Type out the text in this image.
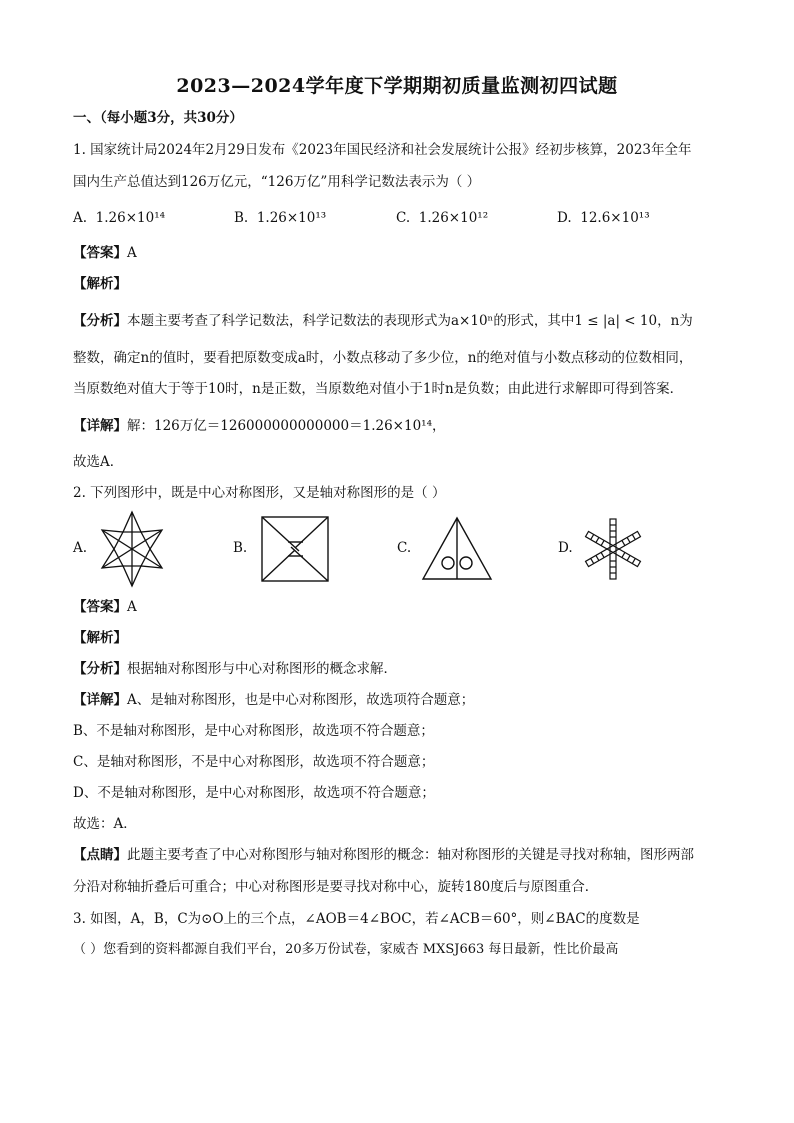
2023—2024学年度下学期期初质量监测初四试题
一、（每小题3分，共30分）
1. 国家统计局2024年2月29日发布《2023年国民经济和社会发展统计公报》经初步核算，2023年全年
国内生产总值达到126万亿元，“126万亿”用科学记数法表示为（ ）
A. 1.26×10¹⁴	B. 1.26×10¹³	C. 1.26×10¹²	D. 12.6×10¹³
【答案】A
【解析】
【分析】本题主要考查了科学记数法，科学记数法的表现形式为a×10ⁿ的形式，其中1 ≤ |a| < 10，n为
整数，确定n的值时，要看把原数变成a时，小数点移动了多少位，n的绝对值与小数点移动的位数相同，
当原数绝对值大于等于10时，n是正数，当原数绝对值小于1时n是负数；由此进行求解即可得到答案．
【详解】解：126万亿＝126000000000000＝1.26×10¹⁴，
故选A．
2. 下列图形中，既是中心对称图形，又是轴对称图形的是（ ）
A.	B.	C.	D.
【答案】A
【解析】
【分析】根据轴对称图形与中心对称图形的概念求解．
【详解】A、是轴对称图形，也是中心对称图形，故选项符合题意；
B、不是轴对称图形，是中心对称图形，故选项不符合题意；
C、是轴对称图形，不是中心对称图形，故选项不符合题意；
D、不是轴对称图形，是中心对称图形，故选项不符合题意；
故选：A．
【点睛】此题主要考查了中心对称图形与轴对称图形的概念：轴对称图形的关键是寻找对称轴，图形两部
分沿对称轴折叠后可重合；中心对称图形是要寻找对称中心，旋转180度后与原图重合．
3. 如图，A，B，C为⊙O上的三个点，∠AOB＝4∠BOC，若∠ACB＝60°，则∠BAC的度数是
（ ）您看到的资料都源自我们平台，20多万份试卷，家威杏 MXSJ663 每日最新，性比价最高
